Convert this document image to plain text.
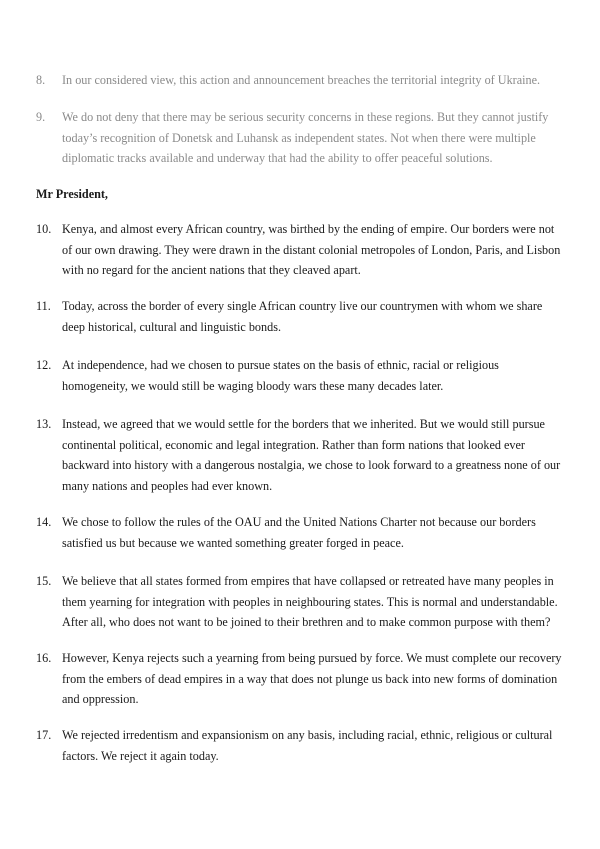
8.	In our considered view, this action and announcement breaches the territorial integrity of Ukraine.
9.	We do not deny that there may be serious security concerns in these regions. But they cannot justify today’s recognition of Donetsk and Luhansk as independent states. Not when there were multiple diplomatic tracks available and underway that had the ability to offer peaceful solutions.
Mr President,
10. Kenya, and almost every African country, was birthed by the ending of empire. Our borders were not of our own drawing. They were drawn in the distant colonial metropoles of London, Paris, and Lisbon with no regard for the ancient nations that they cleaved apart.
11. Today, across the border of every single African country live our countrymen with whom we share deep historical, cultural and linguistic bonds.
12. At independence, had we chosen to pursue states on the basis of ethnic, racial or religious homogeneity, we would still be waging bloody wars these many decades later.
13. Instead, we agreed that we would settle for the borders that we inherited. But we would still pursue continental political, economic and legal integration. Rather than form nations that looked ever backward into history with a dangerous nostalgia, we chose to look forward to a greatness none of our many nations and peoples had ever known.
14. We chose to follow the rules of the OAU and the United Nations Charter not because our borders satisfied us but because we wanted something greater forged in peace.
15. We believe that all states formed from empires that have collapsed or retreated have many peoples in them yearning for integration with peoples in neighbouring states. This is normal and understandable. After all, who does not want to be joined to their brethren and to make common purpose with them?
16. However, Kenya rejects such a yearning from being pursued by force. We must complete our recovery from the embers of dead empires in a way that does not plunge us back into new forms of domination and oppression.
17. We rejected irredentism and expansionism on any basis, including racial, ethnic, religious or cultural factors. We reject it again today.
